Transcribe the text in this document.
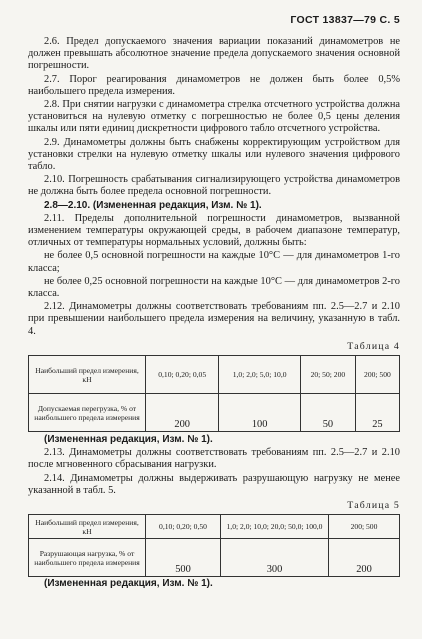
ГОСТ 13837—79 С. 5

2.6. Предел допускаемого значения вариации показаний динамометров не должен превышать абсолютное значение предела допускаемого значения основной погрешности.

2.7. Порог реагирования динамометров не должен быть более 0,5% наибольшего предела измерения.

2.8. При снятии нагрузки с динамометра стрелка отсчетного устройства должна установиться на нулевую отметку с погрешностью не более 0,5 цены деления шкалы или пяти единиц дискретности цифрового табло отсчетного устройства.

2.9. Динамометры должны быть снабжены корректирующим устройством для установки стрелки на нулевую отметку шкалы или нулевого значения цифрового табло.

2.10. Погрешность срабатывания сигнализирующего устройства динамометров не должна быть более предела основной погрешности.

2.8—2.10. (Измененная редакция, Изм. № 1).

2.11. Пределы дополнительной погрешности динамометров, вызванной изменением температуры окружающей среды, в рабочем диапазоне температур, отличных от температуры нормальных условий, должны быть:

не более 0,5 основной погрешности на каждые 10°С — для динамометров 1-го класса;

не более 0,25 основной погрешности на каждые 10°С — для динамометров 2-го класса.

2.12. Динамометры должны соответствовать требованиям пп. 2.5—2.7 и 2.10 при превышении наибольшего предела измерения на величину, указанную в табл. 4.

Таблица 4
Наибольший предел измерения, кН	0,10; 0,20; 0,05	1,0; 2,0; 5,0; 10,0	20; 50; 200	200; 500
Допускаемая перегрузка, % от наибольшего предела измерения	200	100	50	25

(Измененная редакция, Изм. № 1).

2.13. Динамометры должны соответствовать требованиям пп. 2.5—2.7 и 2.10 после мгновенного сбрасывания нагрузки.

2.14. Динамометры должны выдерживать разрушающую нагрузку не менее указанной в табл. 5.

Таблица 5
Наибольший предел измерения, кН	0,10; 0,20; 0,50	1,0; 2,0; 10,0; 20,0; 50,0; 100,0	200; 500
Разрушающая нагрузка, % от наибольшего предела измерения	500	300	200

(Измененная редакция, Изм. № 1).
